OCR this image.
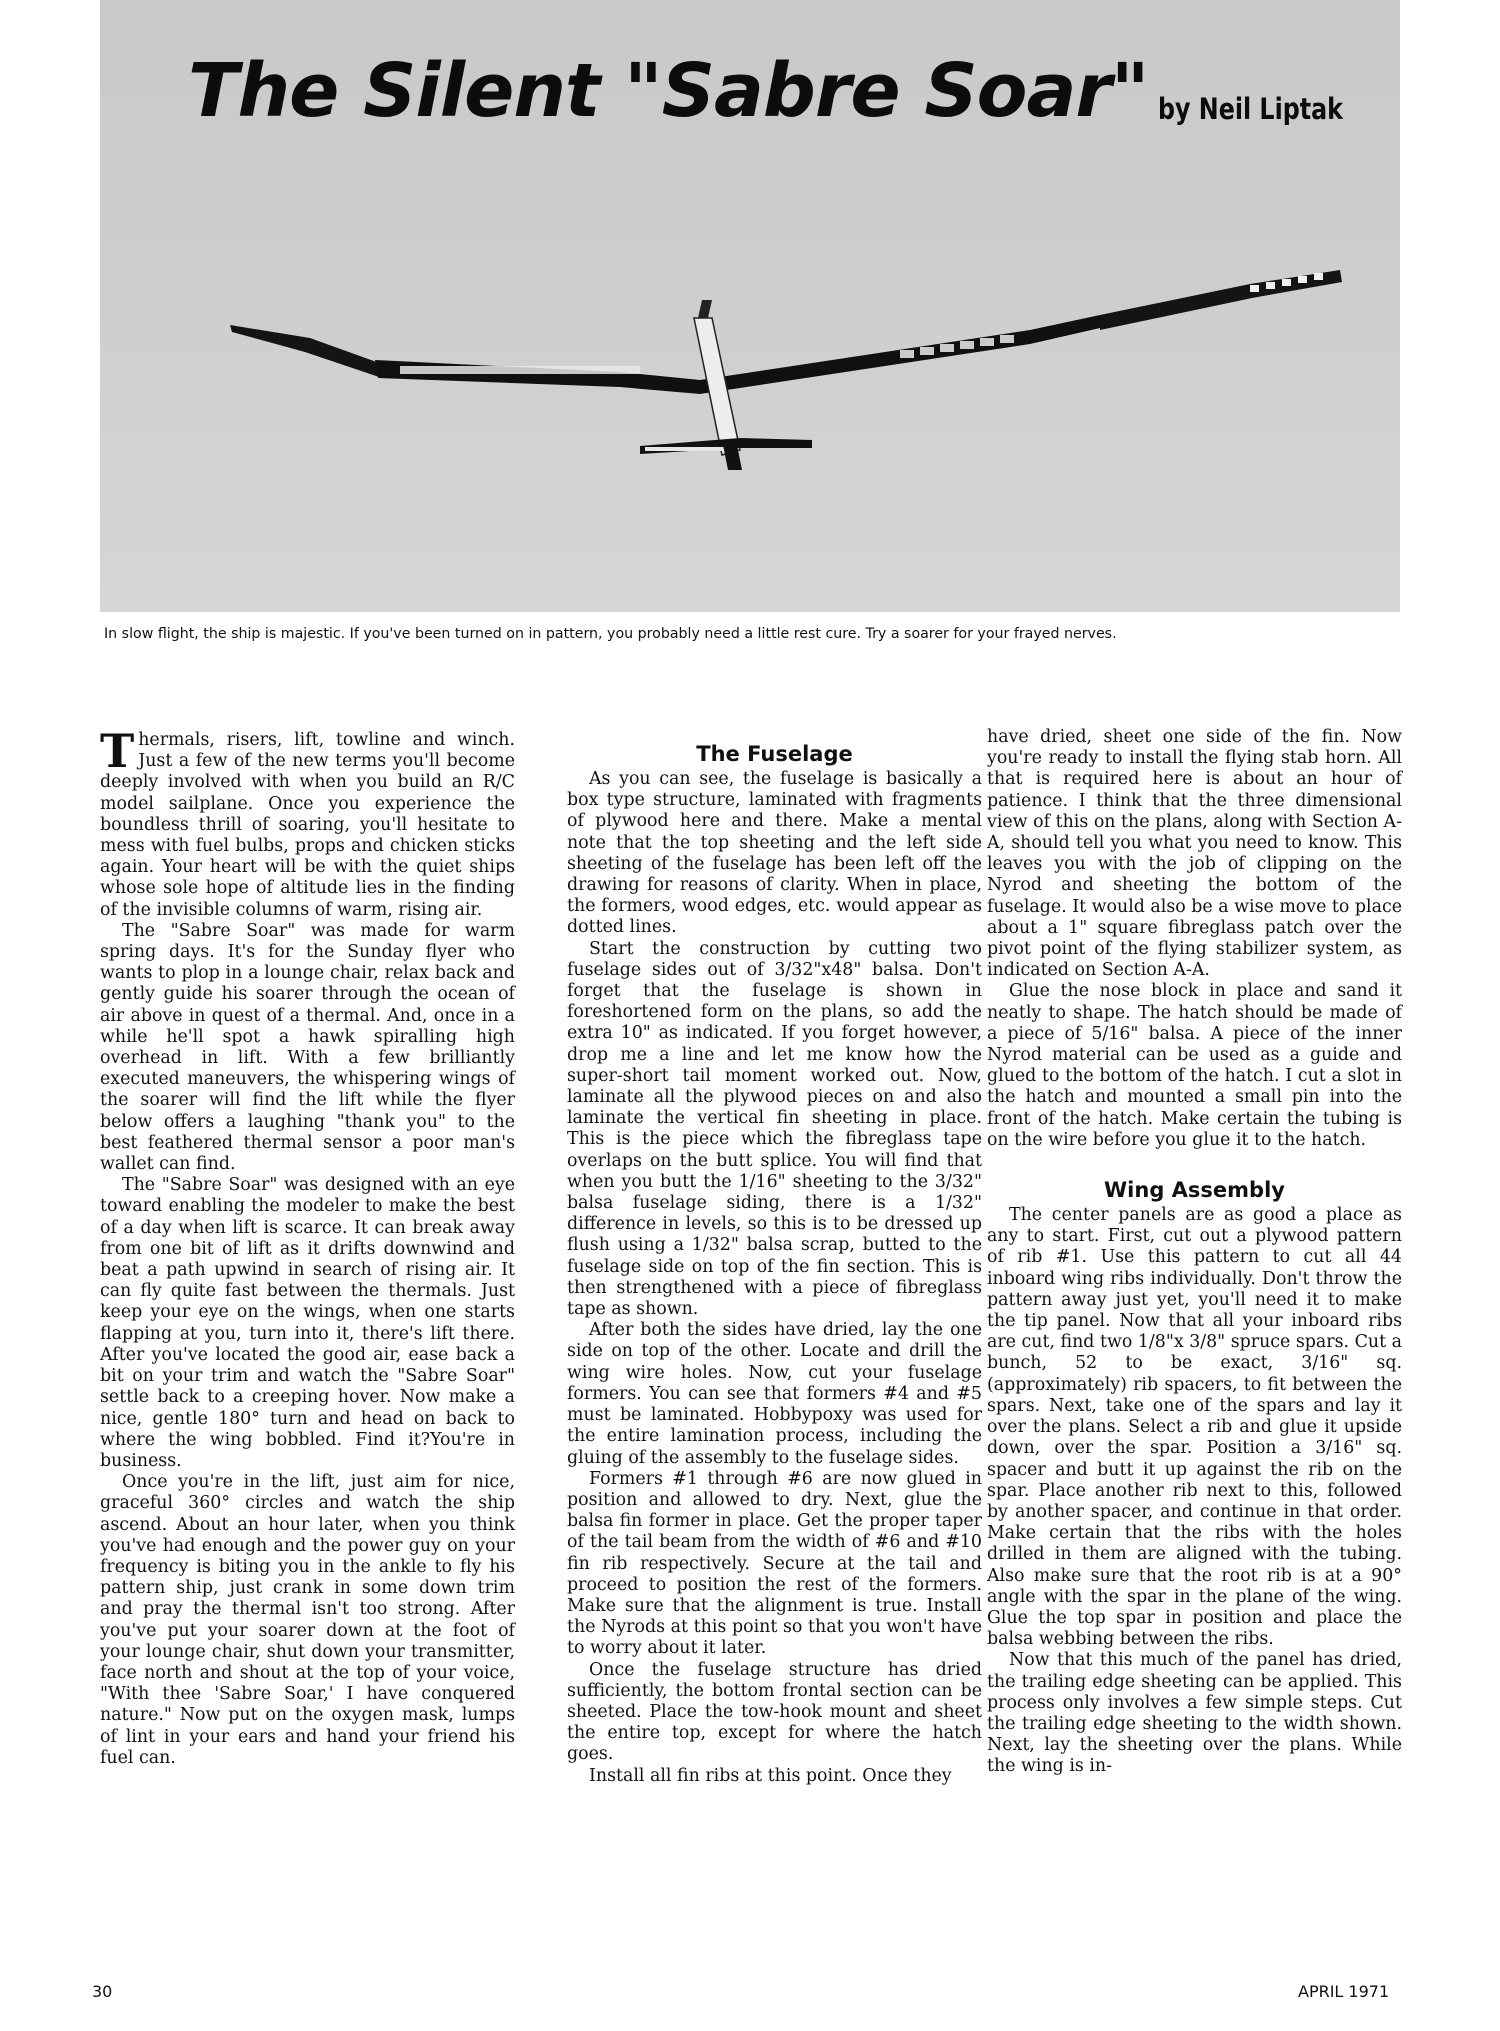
The Silent "Sabre Soar" by Neil Liptak
In slow flight, the ship is majestic. If you've been turned on in pattern, you probably need a little rest cure. Try a soarer for your frayed nerves.

Thermals, risers, lift, towline and winch. Just a few of the new terms you'll become deeply involved with when you build an R/C model sailplane. Once you experience the boundless thrill of soaring, you'll hesitate to mess with fuel bulbs, props and chicken sticks again. Your heart will be with the quiet ships whose sole hope of altitude lies in the finding of the invisible columns of warm, rising air.

The "Sabre Soar" was made for warm spring days. It's for the Sunday flyer who wants to plop in a lounge chair, relax back and gently guide his soarer through the ocean of air above in quest of a thermal. And, once in a while he'll spot a hawk spiralling high overhead in lift. With a few brilliantly executed maneuvers, the whispering wings of the soarer will find the lift while the flyer below offers a laughing "thank you" to the best feathered thermal sensor a poor man's wallet can find.

The "Sabre Soar" was designed with an eye toward enabling the modeler to make the best of a day when lift is scarce. It can break away from one bit of lift as it drifts downwind and beat a path upwind in search of rising air. It can fly quite fast between the thermals. Just keep your eye on the wings, when one starts flapping at you, turn into it, there's lift there. After you've located the good air, ease back a bit on your trim and watch the "Sabre Soar" settle back to a creeping hover. Now make a nice, gentle 180° turn and head on back to where the wing bobbled. Find it?You're in business.

Once you're in the lift, just aim for nice, graceful 360° circles and watch the ship ascend. About an hour later, when you think you've had enough and the power guy on your frequency is biting you in the ankle to fly his pattern ship, just crank in some down trim and pray the thermal isn't too strong. After you've put your soarer down at the foot of your lounge chair, shut down your transmitter, face north and shout at the top of your voice, "With thee 'Sabre Soar,' I have conquered nature." Now put on the oxygen mask, lumps of lint in your ears and hand your friend his fuel can.

The Fuselage

As you can see, the fuselage is basically a box type structure, laminated with fragments of plywood here and there. Make a mental note that the top sheeting and the left side sheeting of the fuselage has been left off the drawing for reasons of clarity. When in place, the formers, wood edges, etc. would appear as dotted lines.

Start the construction by cutting two fuselage sides out of 3/32"x48" balsa. Don't forget that the fuselage is shown in foreshortened form on the plans, so add the extra 10" as indicated. If you forget however, drop me a line and let me know how the super-short tail moment worked out. Now, laminate all the plywood pieces on and also laminate the vertical fin sheeting in place. This is the piece which the fibreglass tape overlaps on the butt splice. You will find that when you butt the 1/16" sheeting to the 3/32" balsa fuselage siding, there is a 1/32" difference in levels, so this is to be dressed up flush using a 1/32" balsa scrap, butted to the fuselage side on top of the fin section. This is then strengthened with a piece of fibreglass tape as shown.

After both the sides have dried, lay the one side on top of the other. Locate and drill the wing wire holes. Now, cut your fuselage formers. You can see that formers #4 and #5 must be laminated. Hobbypoxy was used for the entire lamination process, including the gluing of the assembly to the fuselage sides.

Formers #1 through #6 are now glued in position and allowed to dry. Next, glue the balsa fin former in place. Get the proper taper of the tail beam from the width of #6 and #10 fin rib respectively. Secure at the tail and proceed to position the rest of the formers. Make sure that the alignment is true. Install the Nyrods at this point so that you won't have to worry about it later.

Once the fuselage structure has dried sufficiently, the bottom frontal section can be sheeted. Place the tow-hook mount and sheet the entire top, except for where the hatch goes.

Install all fin ribs at this point. Once they

have dried, sheet one side of the fin. Now you're ready to install the flying stab horn. All that is required here is about an hour of patience. I think that the three dimensional view of this on the plans, along with Section A-A, should tell you what you need to know. This leaves you with the job of clipping on the Nyrod and sheeting the bottom of the fuselage. It would also be a wise move to place about a 1" square fibreglass patch over the pivot point of the flying stabilizer system, as indicated on Section A-A.

Glue the nose block in place and sand it neatly to shape. The hatch should be made of a piece of 5/16" balsa. A piece of the inner Nyrod material can be used as a guide and glued to the bottom of the hatch. I cut a slot in the hatch and mounted a small pin into the front of the hatch. Make certain the tubing is on the wire before you glue it to the hatch.

Wing Assembly

The center panels are as good a place as any to start. First, cut out a plywood pattern of rib #1. Use this pattern to cut all 44 inboard wing ribs individually. Don't throw the pattern away just yet, you'll need it to make the tip panel. Now that all your inboard ribs are cut, find two 1/8"x 3/8" spruce spars. Cut a bunch, 52 to be exact, 3/16" sq. (approximately) rib spacers, to fit between the spars. Next, take one of the spars and lay it over the plans. Select a rib and glue it upside down, over the spar. Position a 3/16" sq. spacer and butt it up against the rib on the spar. Place another rib next to this, followed by another spacer, and continue in that order. Make certain that the ribs with the holes drilled in them are aligned with the tubing. Also make sure that the root rib is at a 90° angle with the spar in the plane of the wing. Glue the top spar in position and place the balsa webbing between the ribs.

Now that this much of the panel has dried, the trailing edge sheeting can be applied. This process only involves a few simple steps. Cut the trailing edge sheeting to the width shown. Next, lay the sheeting over the plans. While the wing is in-

30	APRIL 1971
